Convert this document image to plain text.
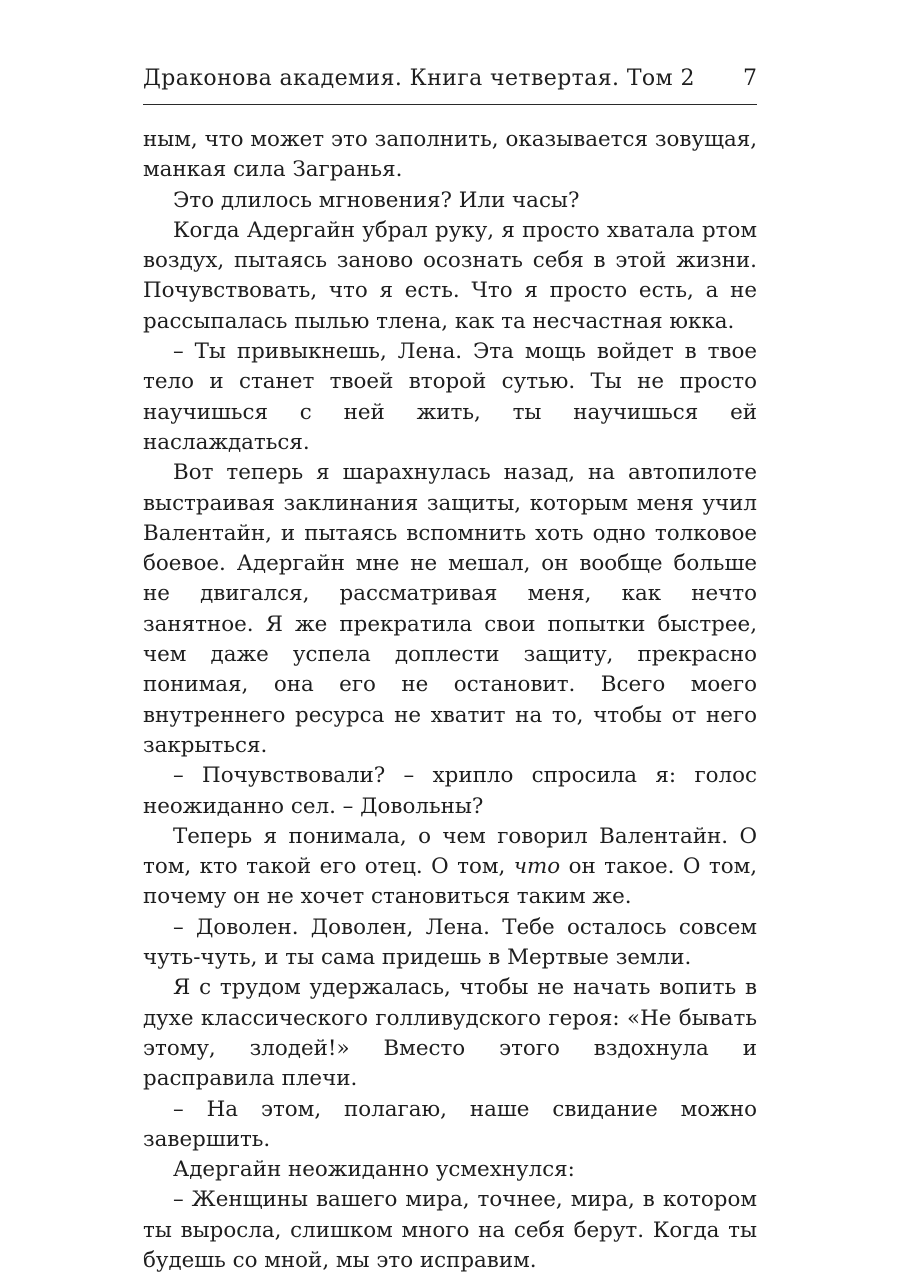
Драконова академия. Книга четвертая. Том 2 7

ным, что может это заполнить, оказывается зовущая, манкая сила Загранья.

Это длилось мгновения? Или часы?

Когда Адергайн убрал руку, я просто хватала ртом воздух, пытаясь заново осознать себя в этой жизни. Почувствовать, что я есть. Что я просто есть, а не рассыпалась пылью тлена, как та несчастная юкка.

– Ты привыкнешь, Лена. Эта мощь войдет в твое тело и станет твоей второй сутью. Ты не просто научишься с ней жить, ты научишься ей наслаждаться.

Вот теперь я шарахнулась назад, на автопилоте выстраивая заклинания защиты, которым меня учил Валентайн, и пытаясь вспомнить хоть одно толковое боевое. Адергайн мне не мешал, он вообще больше не двигался, рассматривая меня, как нечто занятное. Я же прекратила свои попытки быстрее, чем даже успела доплести защиту, прекрасно понимая, она его не остановит. Всего моего внутреннего ресурса не хватит на то, чтобы от него закрыться.

– Почувствовали? – хрипло спросила я: голос неожиданно сел. – Довольны?

Теперь я понимала, о чем говорил Валентайн. О том, кто такой его отец. О том, что он такое. О том, почему он не хочет становиться таким же.

– Доволен. Доволен, Лена. Тебе осталось совсем чуть-чуть, и ты сама придешь в Мертвые земли.

Я с трудом удержалась, чтобы не начать вопить в духе классического голливудского героя: «Не бывать этому, злодей!» Вместо этого вздохнула и расправила плечи.

– На этом, полагаю, наше свидание можно завершить.

Адергайн неожиданно усмехнулся:

– Женщины вашего мира, точнее, мира, в котором ты выросла, слишком много на себя берут. Когда ты будешь со мной, мы это исправим.
